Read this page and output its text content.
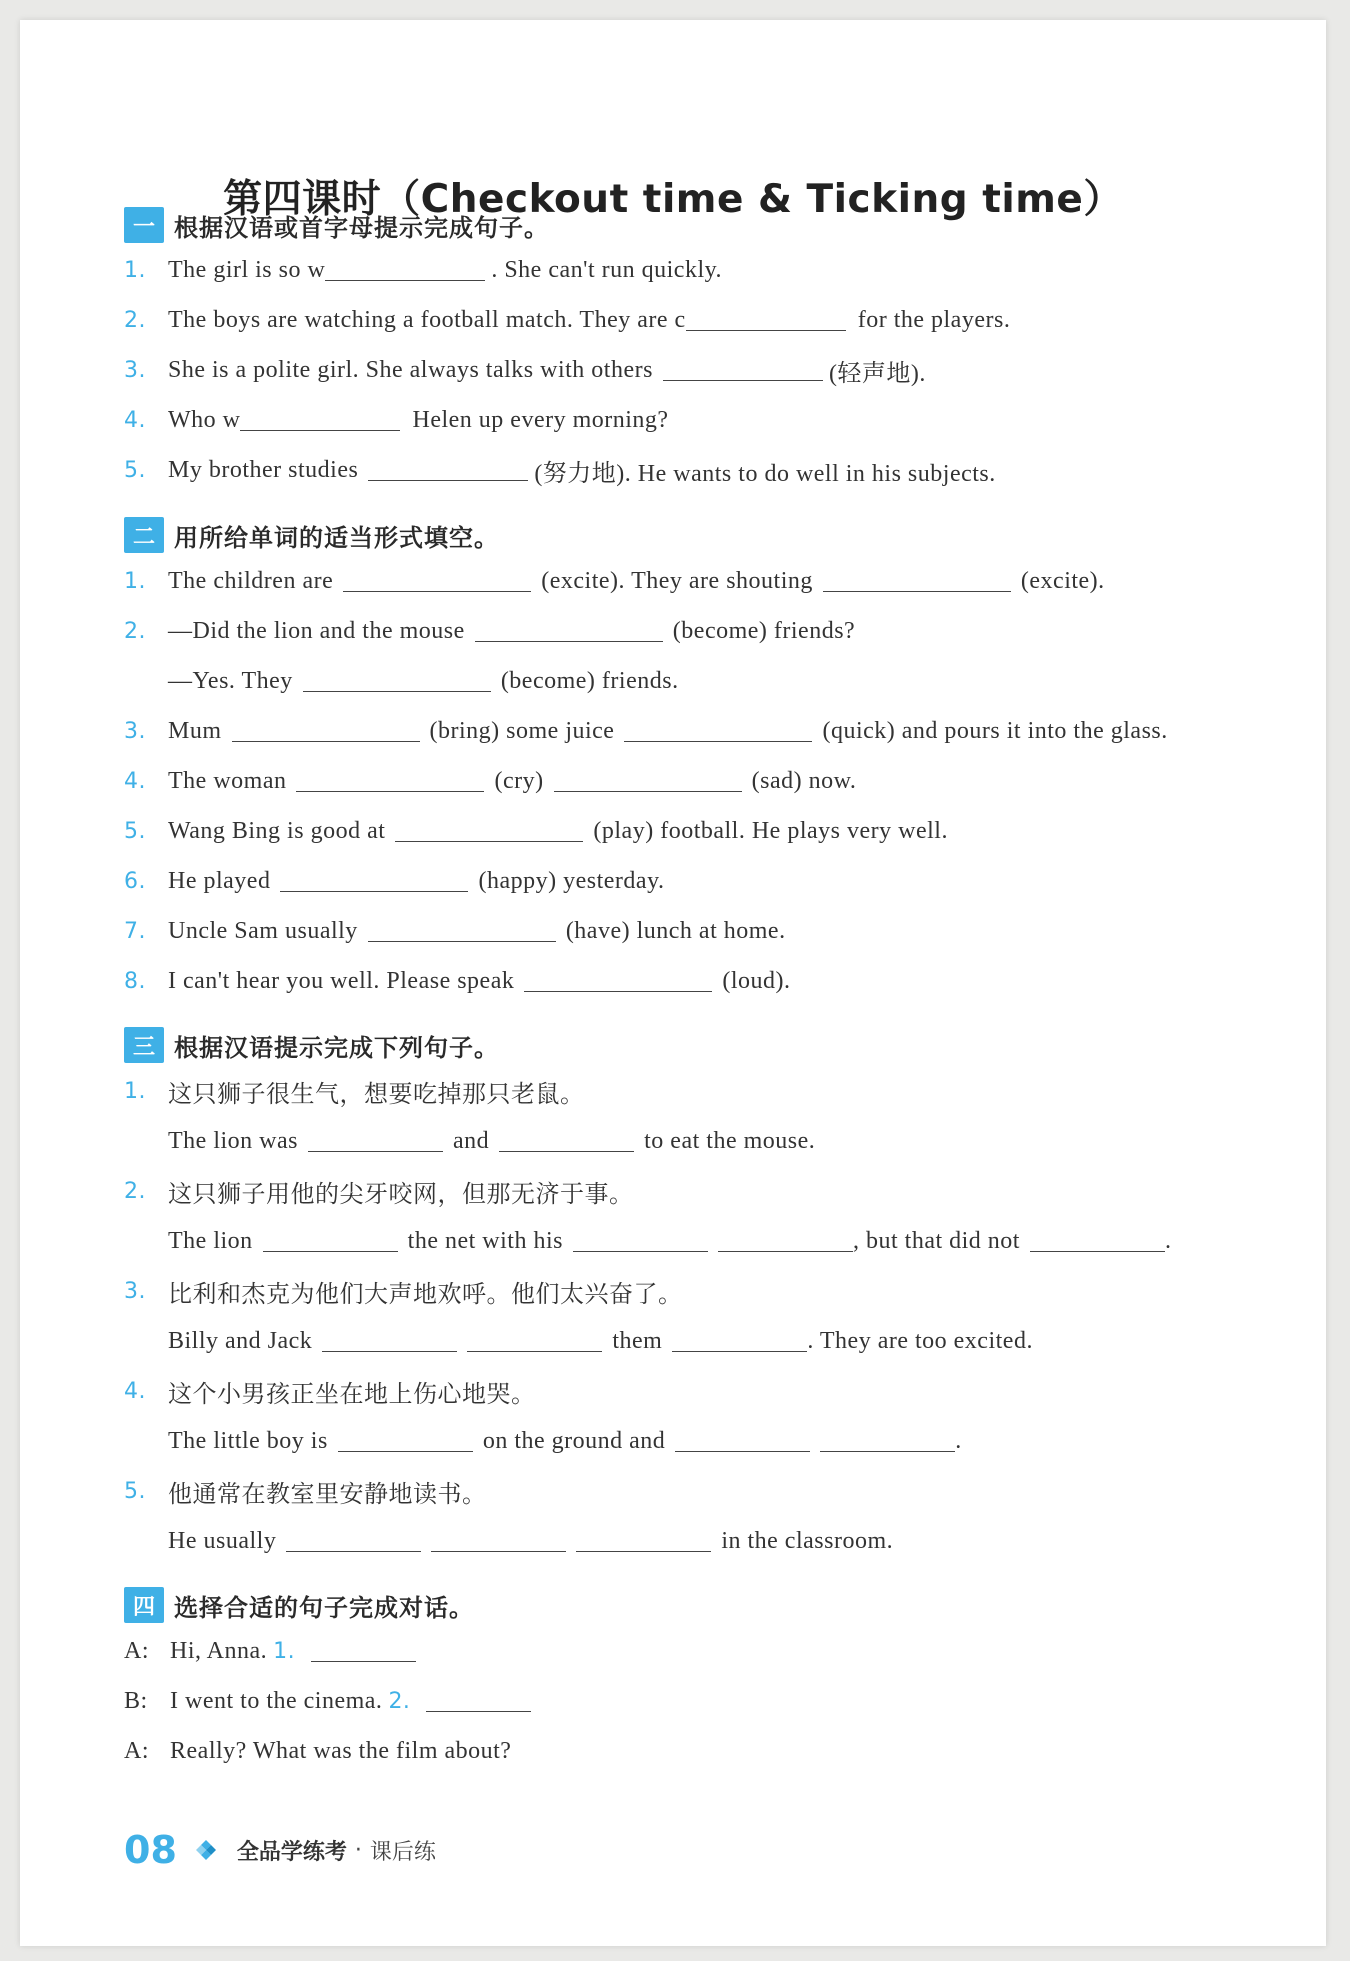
第四课时（Checkout time & Ticking time）
一 根据汉语或首字母提示完成句子。
1. The girl is so w	. She can't run quickly.
2. The boys are watching a football match. They are c	for the players.
3. She is a polite girl. She always talks with others	(轻声地).
4. Who w	Helen up every morning?
5. My brother studies	(努力地). He wants to do well in his subjects.
二 用所给单词的适当形式填空。
1. The children are	(excite). They are shouting	(excite).
2. —Did the lion and the mouse	(become) friends?
—Yes. They	(become) friends.
3. Mum	(bring) some juice	(quick) and pours it into the glass.
4. The woman	(cry)	(sad) now.
5. Wang Bing is good at	(play) football. He plays very well.
6. He played	(happy) yesterday.
7. Uncle Sam usually	(have) lunch at home.
8. I can't hear you well. Please speak	(loud).
三 根据汉语提示完成下列句子。
1. 这只狮子很生气，想要吃掉那只老鼠。
The lion was	and	to eat the mouse.
2. 这只狮子用他的尖牙咬网，但那无济于事。
The lion	the net with his	, but that did not	.
3. 比利和杰克为他们大声地欢呼。他们太兴奋了。
Billy and Jack	them	. They are too excited.
4. 这个小男孩正坐在地上伤心地哭。
The little boy is	on the ground and	.
5. 他通常在教室里安静地读书。
He usually	in the classroom.
四 选择合适的句子完成对话。
A: Hi, Anna. 1.
B: I went to the cinema. 2.
A: Really? What was the film about?
08	全品学练考 · 课后练
